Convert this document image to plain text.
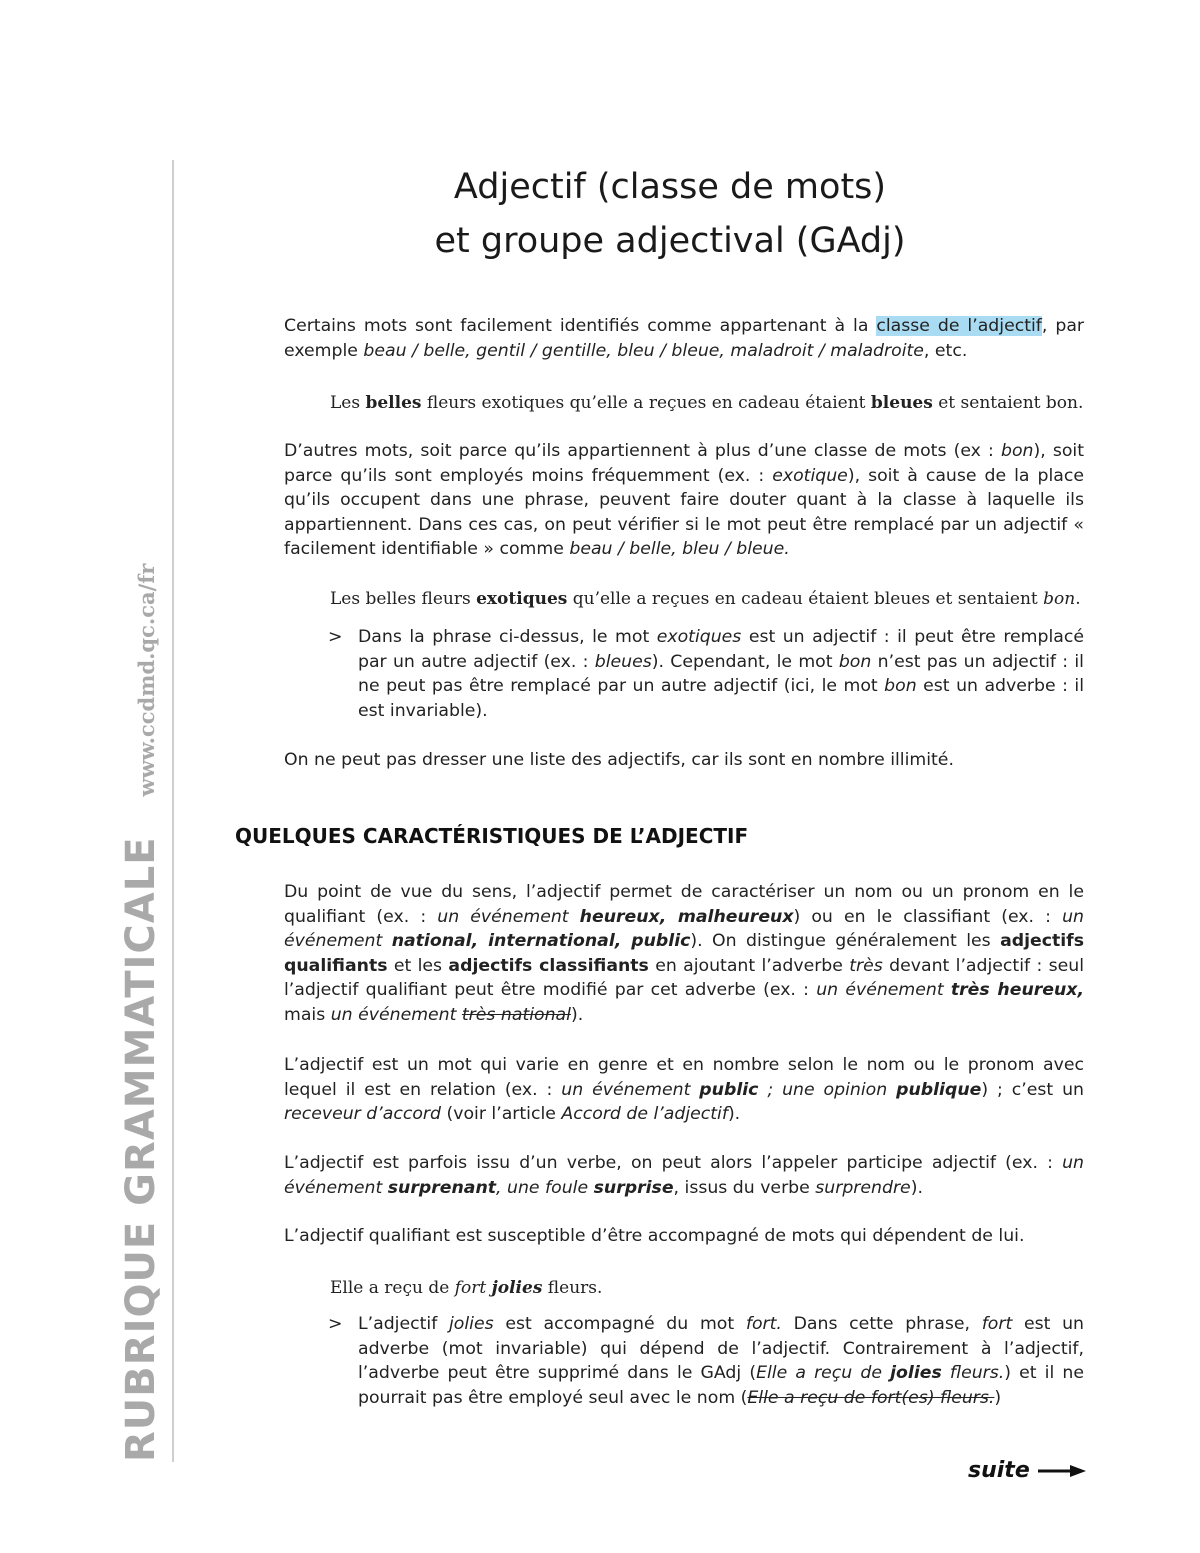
RUBRIQUE GRAMMATICALE
www.ccdmd.qc.ca/fr
Adjectif (classe de mots)
et groupe adjectival (GAdj)
Certains mots sont facilement identifiés comme appartenant à la classe de l’adjectif, par exemple beau / belle, gentil / gentille, bleu / bleue, maladroit / maladroite, etc.
Les belles fleurs exotiques qu’elle a reçues en cadeau étaient bleues et sentaient bon.
D’autres mots, soit parce qu’ils appartiennent à plus d’une classe de mots (ex : bon), soit parce qu’ils sont employés moins fréquemment (ex. : exotique), soit à cause de la place qu’ils occupent dans une phrase, peuvent faire douter quant à la classe à laquelle ils appartiennent. Dans ces cas, on peut vérifier si le mot peut être remplacé par un adjectif « facilement identifiable » comme beau / belle, bleu / bleue.
Les belles fleurs exotiques qu’elle a reçues en cadeau étaient bleues et sentaient bon.
> Dans la phrase ci-dessus, le mot exotiques est un adjectif : il peut être remplacé par un autre adjectif (ex. : bleues). Cependant, le mot bon n’est pas un adjectif : il ne peut pas être remplacé par un autre adjectif (ici, le mot bon est un adverbe : il est invariable).
On ne peut pas dresser une liste des adjectifs, car ils sont en nombre illimité.
QUELQUES CARACTÉRISTIQUES DE L’ADJECTIF
Du point de vue du sens, l’adjectif permet de caractériser un nom ou un pronom en le qualifiant (ex. : un événement heureux, malheureux) ou en le classifiant (ex. : un événement national, international, public). On distingue généralement les adjectifs qualifiants et les adjectifs classifiants en ajoutant l’adverbe très devant l’adjectif : seul l’adjectif qualifiant peut être modifié par cet adverbe (ex. : un événement très heureux, mais un événement très national).
L’adjectif est un mot qui varie en genre et en nombre selon le nom ou le pronom avec lequel il est en relation (ex. : un événement public ; une opinion publique) ; c’est un receveur d’accord (voir l’article Accord de l’adjectif).
L’adjectif est parfois issu d’un verbe, on peut alors l’appeler participe adjectif (ex. : un événement surprenant, une foule surprise, issus du verbe surprendre).
L’adjectif qualifiant est susceptible d’être accompagné de mots qui dépendent de lui.
Elle a reçu de fort jolies fleurs.
> L’adjectif jolies est accompagné du mot fort. Dans cette phrase, fort est un adverbe (mot invariable) qui dépend de l’adjectif. Contrairement à l’adjectif, l’adverbe peut être supprimé dans le GAdj (Elle a reçu de jolies fleurs.) et il ne pourrait pas être employé seul avec le nom (Elle a reçu de fort(es) fleurs.)
suite
